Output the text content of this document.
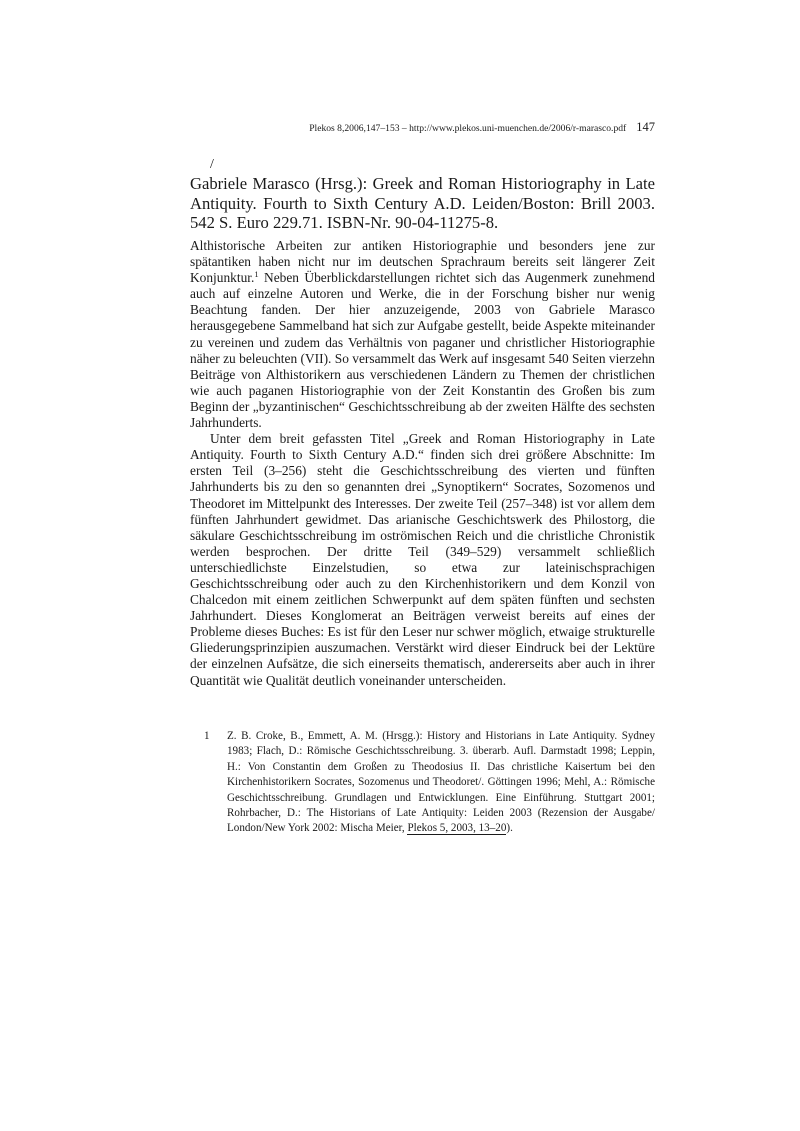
Plekos 8,2006,147–153 – http://www.plekos.uni-muenchen.de/2006/r-marasco.pdf 147
/
Gabriele Marasco (Hrsg.): Greek and Roman Historiography in Late Antiquity. Fourth to Sixth Century A.D. Leiden/Boston: Brill 2003. 542 S. Euro 229.71. ISBN-Nr. 90-04-11275-8.

Althistorische Arbeiten zur antiken Historiographie und besonders jene zur spätantiken haben nicht nur im deutschen Sprachraum bereits seit längerer Zeit Konjunktur.$^1$ Neben Überblickdarstellungen richtet sich das Augenmerk zunehmend auch auf einzelne Autoren und Werke, die in der Forschung bisher nur wenig Beachtung fanden. Der hier anzuzeigende, 2003 von Gabriele Marasco herausgegebene Sammelband hat sich zur Aufgabe gestellt, beide Aspekte miteinander zu vereinen und zudem das Verhältnis von paganer und christlicher Historiographie näher zu beleuchten (VII). So versammelt das Werk auf insgesamt 540 Seiten vierzehn Beiträge von Althistorikern aus verschiedenen Ländern zu Themen der christlichen wie auch paganen Historiographie von der Zeit Konstantin des Großen bis zum Beginn der „byzantinischen“ Geschichtsschreibung ab der zweiten Hälfte des sechsten Jahrhunderts.

Unter dem breit gefassten Titel „Greek and Roman Historiography in Late Antiquity. Fourth to Sixth Century A.D.“ finden sich drei größere Abschnitte: Im ersten Teil (3–256) steht die Geschichtsschreibung des vierten und fünften Jahrhunderts bis zu den so genannten drei „Synoptikern“ Socrates, Sozomenos und Theodoret im Mittelpunkt des Interesses. Der zweite Teil (257–348) ist vor allem dem fünften Jahrhundert gewidmet. Das arianische Geschichtswerk des Philostorg, die säkulare Geschichtsschreibung im oströmischen Reich und die christliche Chronistik werden besprochen. Der dritte Teil (349–529) versammelt schließlich unterschiedlichste Einzelstudien, so etwa zur lateinischsprachigen Geschichtsschreibung oder auch zu den Kirchenhistorikern und dem Konzil von Chalcedon mit einem zeitlichen Schwerpunkt auf dem späten fünften und sechsten Jahrhundert. Dieses Konglomerat an Beiträgen verweist bereits auf eines der Probleme dieses Buches: Es ist für den Leser nur schwer möglich, etwaige strukturelle Gliederungsprinzipien auszumachen. Verstärkt wird dieser Eindruck bei der Lektüre der einzelnen Aufsätze, die sich einerseits thematisch, andererseits aber auch in ihrer Quantität wie Qualität deutlich voneinander unterscheiden.

1	Z. B. Croke, B., Emmett, A. M. (Hrsgg.): History and Historians in Late Antiquity. Sydney 1983; Flach, D.: Römische Geschichtsschreibung. 3. überarb. Aufl. Darmstadt 1998; Leppin, H.: Von Constantin dem Großen zu Theodosius II. Das christliche Kaisertum bei den Kirchenhistorikern Socrates, Sozomenus und Theodoret/. Göttingen 1996; Mehl, A.: Römische Geschichtsschreibung. Grundlagen und Entwicklungen. Eine Einführung. Stuttgart 2001; Rohrbacher, D.: The Historians of Late Antiquity: Leiden 2003 (Rezension der Ausgabe/ London/New York 2002: Mischa Meier, Plekos 5, 2003, 13–20).
